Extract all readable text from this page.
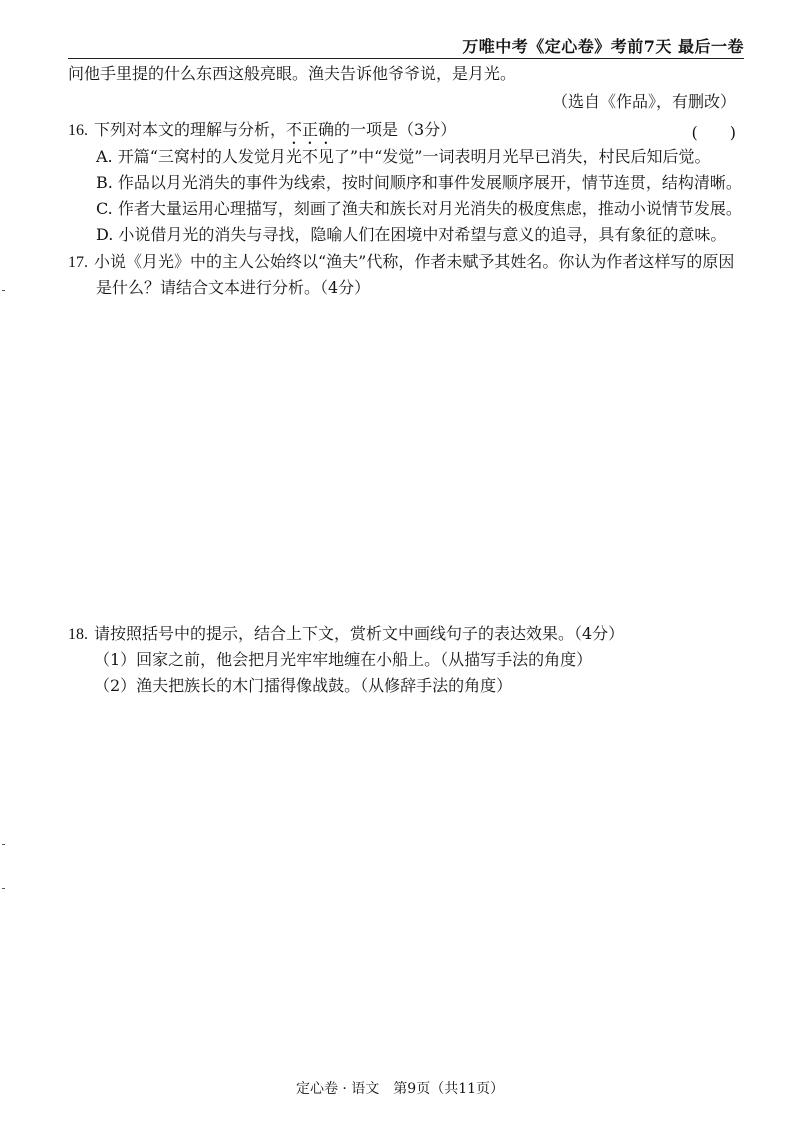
万唯中考《定心卷》考前7天 最后一卷
问他手里提的什么东西这般亮眼。渔夫告诉他爷爷说，是月光。
（选自《作品》，有删改）
16. 下列对本文的理解与分析， 不正确 的一项是（3分）	(　　)
A. 开篇“三窝村的人发觉月光不见了”中“发觉”一词表明月光早已消失，村民后知后觉。
B. 作品以月光消失的事件为线索，按时间顺序和事件发展顺序展开，情节连贯，结构清晰。
C. 作者大量运用心理描写，刻画了渔夫和族长对月光消失的极度焦虑，推动小说情节发展。
D. 小说借月光的消失与寻找，隐喻人们在困境中对希望与意义的追寻，具有象征的意味。
17. 小说《月光》中的主人公始终以“渔夫”代称，作者未赋予其姓名。你认为作者这样写的原因
是什么？请结合文本进行分析。（4分）
18. 请按照括号中的提示，结合上下文，赏析文中画线句子的表达效果。（4分）
（1）回家之前，他会把月光牢牢地缠在小船上。（从描写手法的角度）
（2）渔夫把族长的木门擂得像战鼓。（从修辞手法的角度）
定心卷 · 语文　第9页（共11页）
